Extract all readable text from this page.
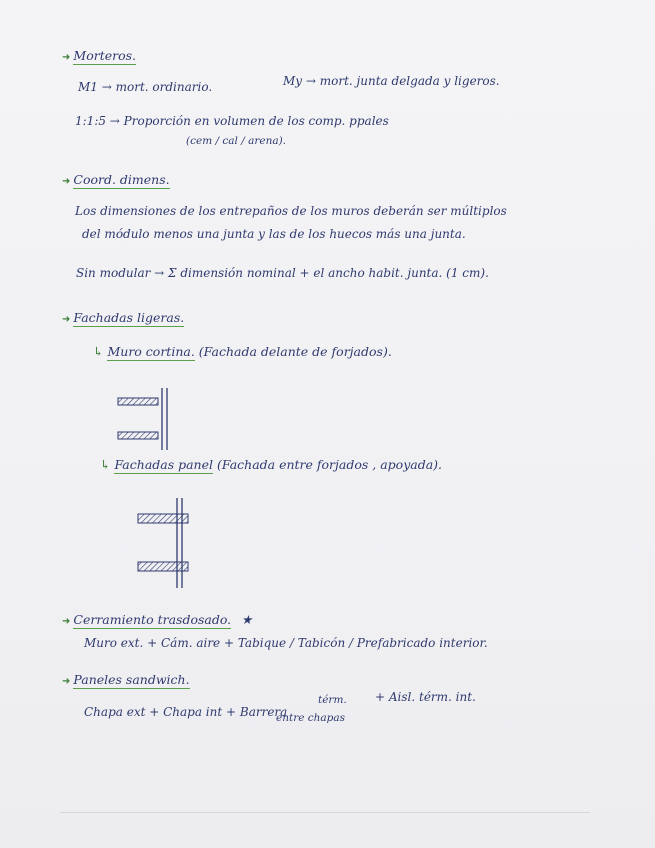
➜ Morteros.
M1 → mort. ordinario.	My → mort. junta delgada y ligeros.
1:1:5 → Proporción en volumen de los comp. ppales
(cem / cal / arena).
➜ Coord. dimens.
Los dimensiones de los entrepaños de los muros deberán ser múltiplos
del módulo menos una junta y las de los huecos más una junta.
Sin modular → Σ dimensión nominal + el ancho habit. junta. (1 cm).
➜ Fachadas ligeras.
↳ Muro cortina. (Fachada delante de forjados).
↳ Fachadas panel (Fachada entre forjados , apoyada).
➜ Cerramiento trasdosado. ★
Muro ext. + Cám. aire + Tabique / Tabicón / Prefabricado interior.
➜ Paneles sandwich.
Chapa ext + Chapa int + Barrera
térm. + Aisl. térm. int.
entre chapas
